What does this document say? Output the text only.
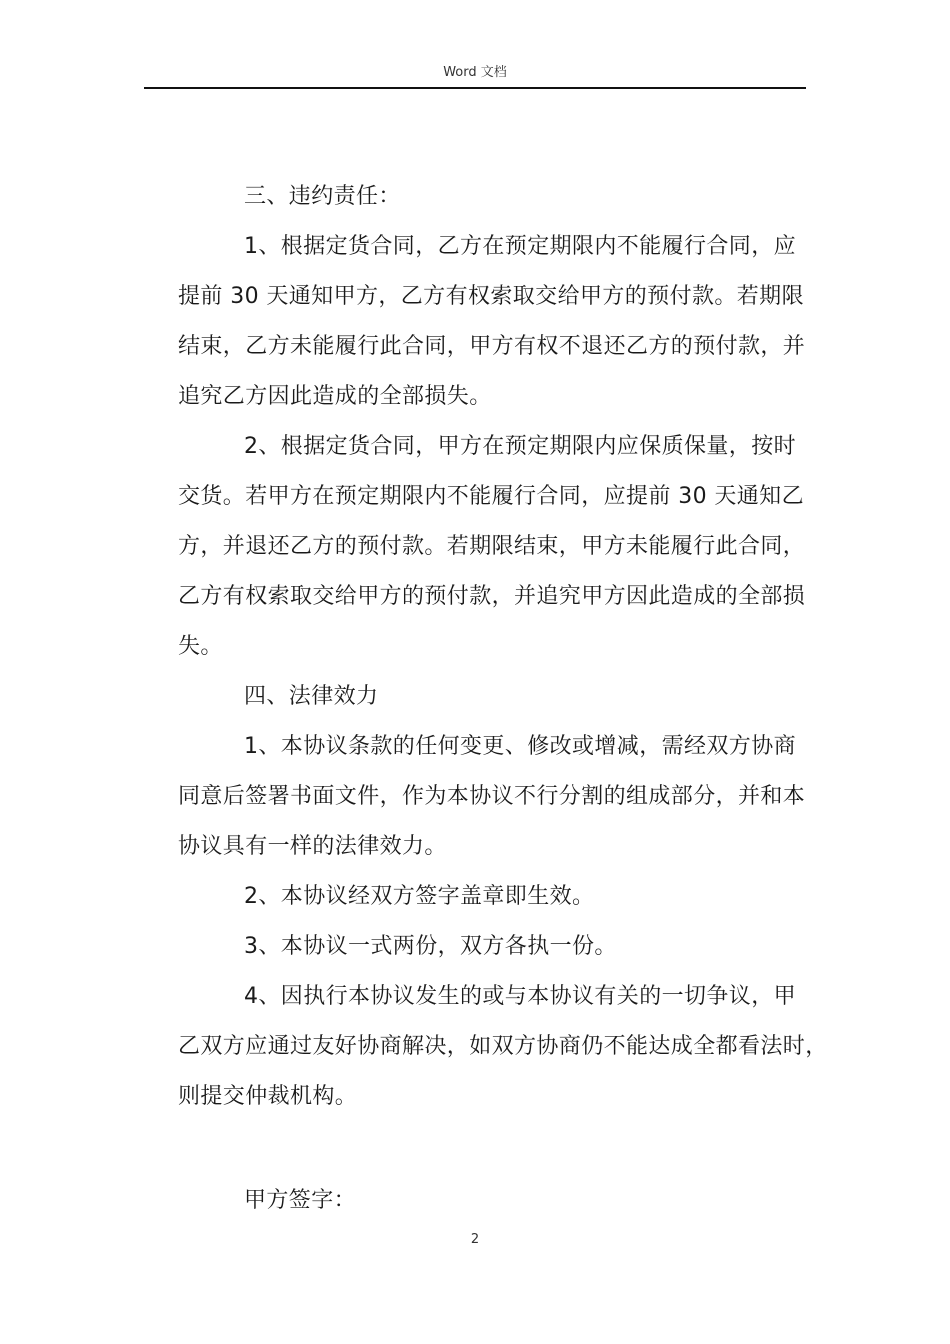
Word 文档

三、违约责任：

1、根据定货合同，乙方在预定期限内不能履行合同，应

提前 30 天通知甲方，乙方有权索取交给甲方的预付款。若期限

结束，乙方未能履行此合同，甲方有权不退还乙方的预付款，并

追究乙方因此造成的全部损失。

2、根据定货合同，甲方在预定期限内应保质保量，按时

交货。若甲方在预定期限内不能履行合同，应提前 30 天通知乙

方，并退还乙方的预付款。若期限结束，甲方未能履行此合同，

乙方有权索取交给甲方的预付款，并追究甲方因此造成的全部损

失。

四、法律效力

1、本协议条款的任何变更、修改或增减，需经双方协商

同意后签署书面文件，作为本协议不行分割的组成部分，并和本

协议具有一样的法律效力。

2、本协议经双方签字盖章即生效。

3、本协议一式两份，双方各执一份。

4、因执行本协议发生的或与本协议有关的一切争议，甲

乙双方应通过友好协商解决，如双方协商仍不能达成全都看法时，

则提交仲裁机构。

甲方签字：

2
